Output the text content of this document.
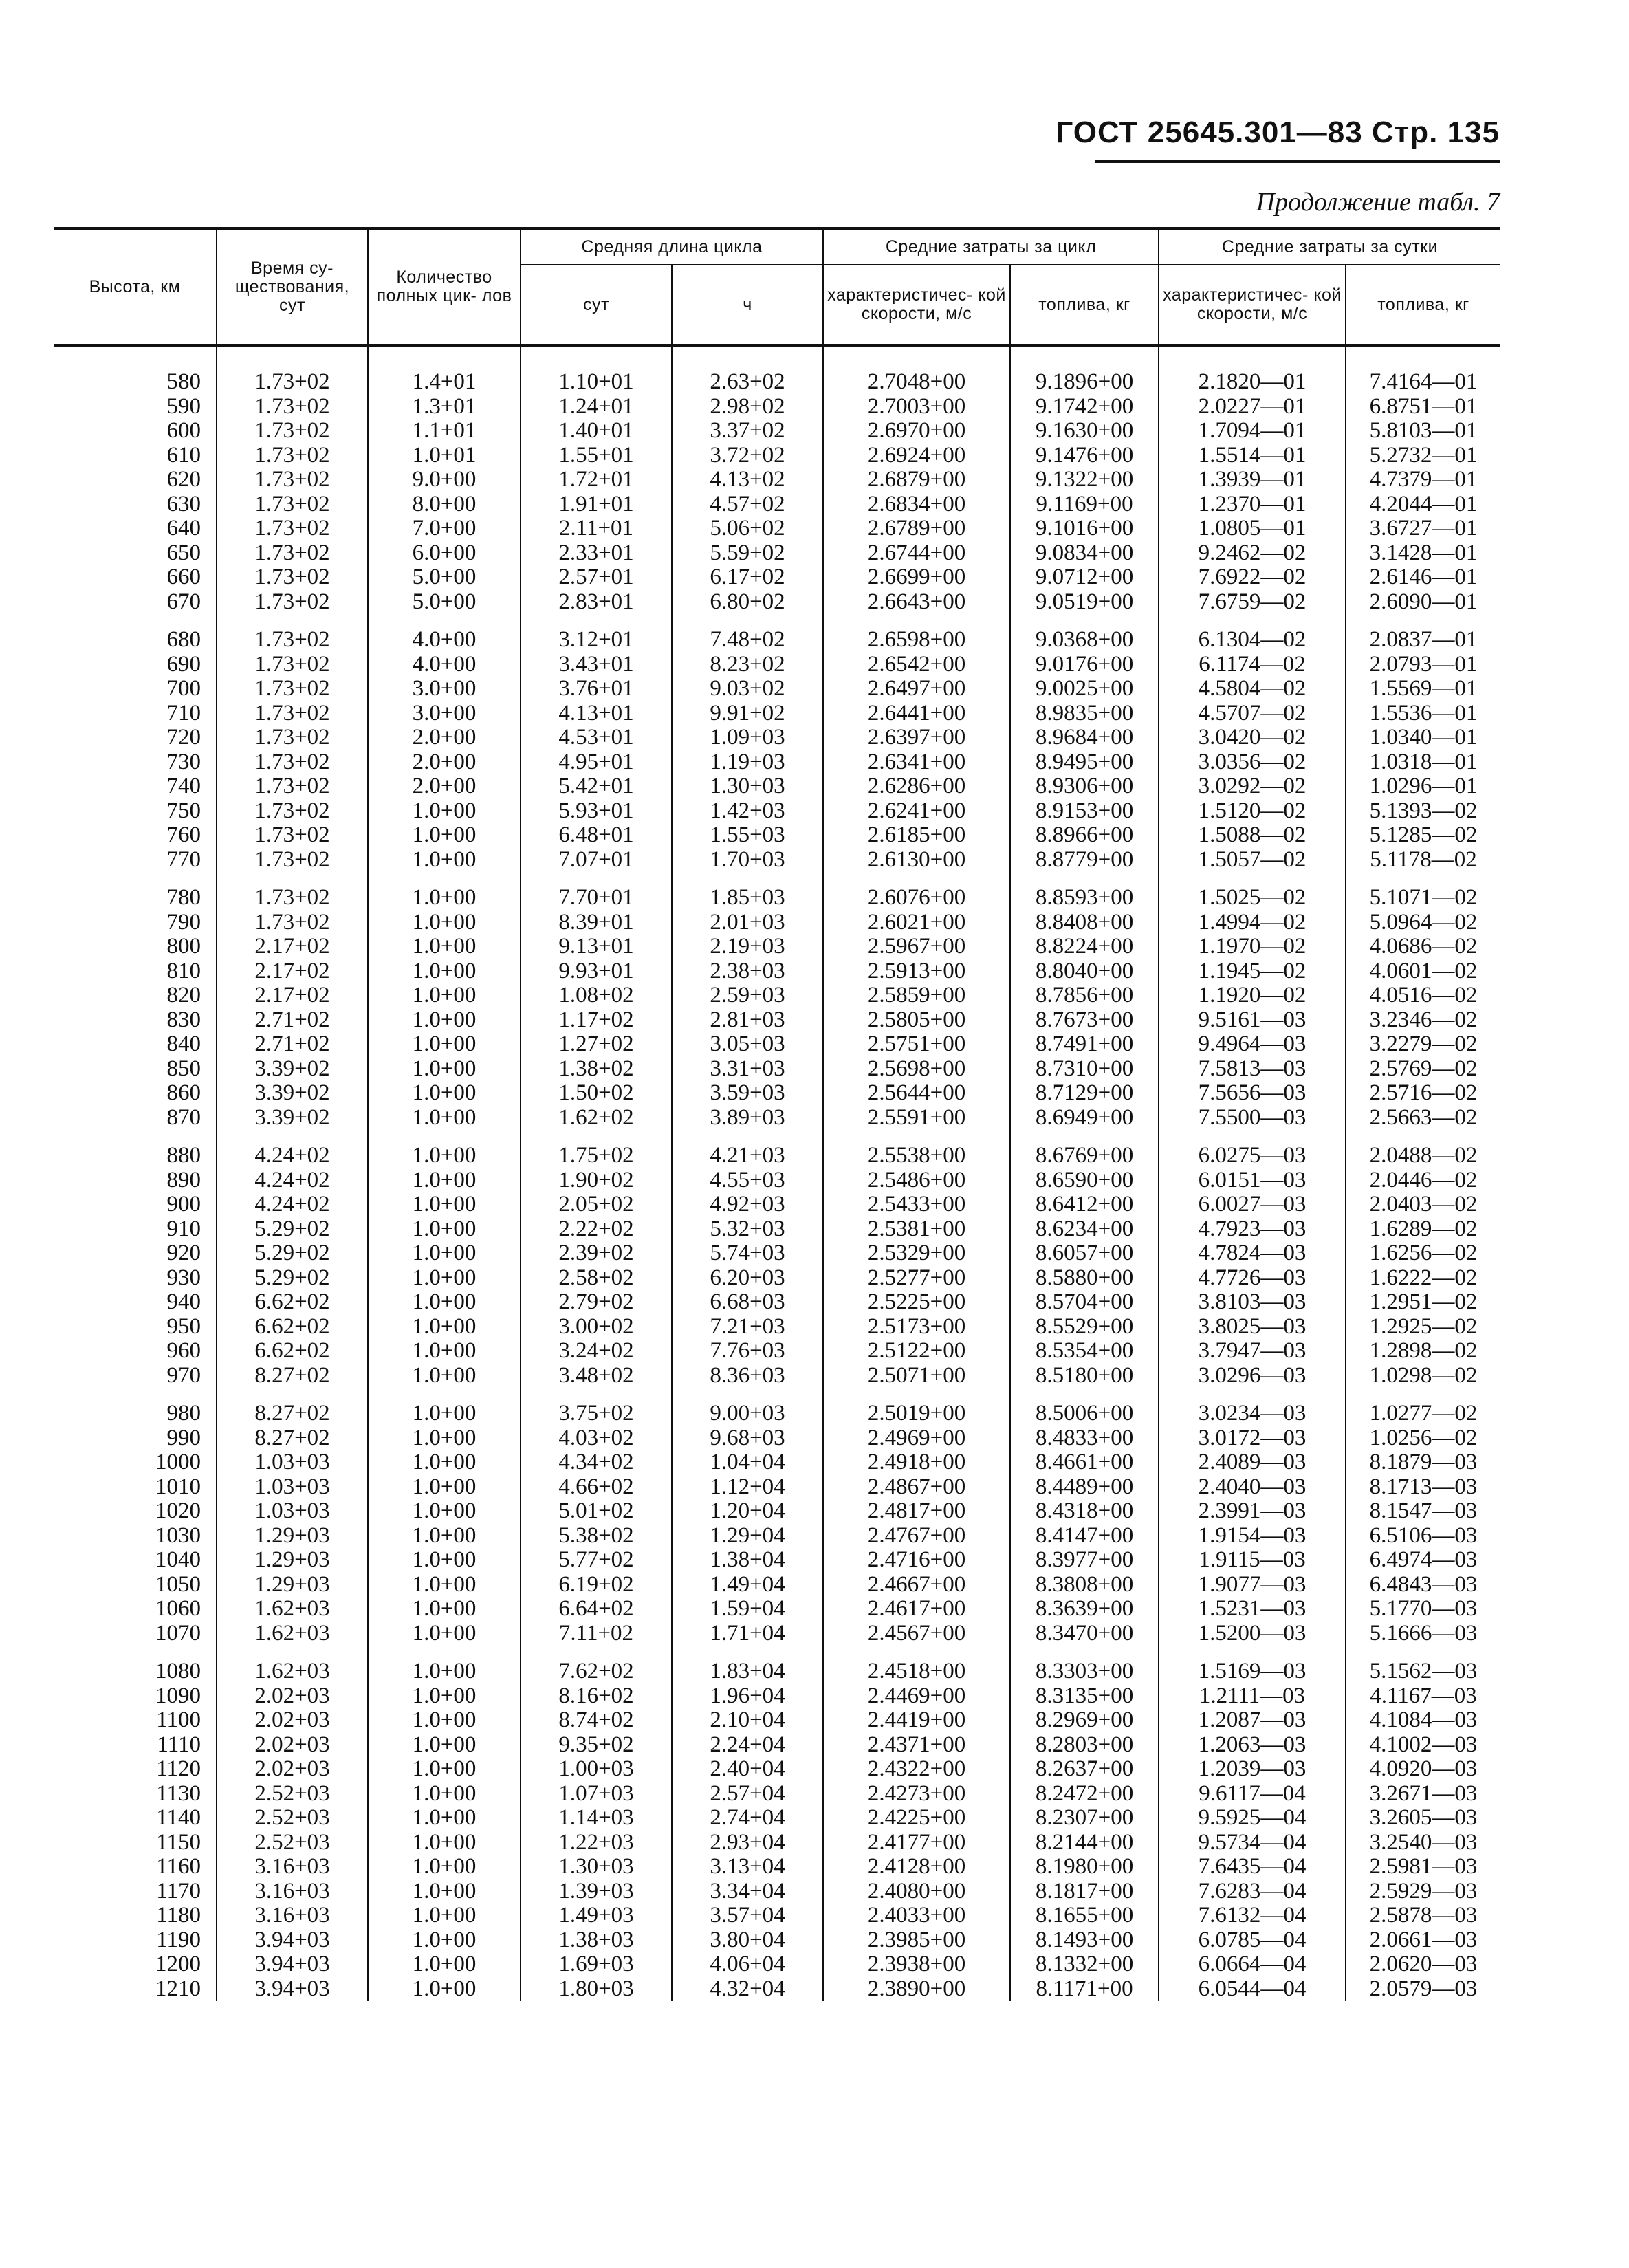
ГОСТ 25645.301—83 Стр. 135
Продолжение табл. 7
Высота, км	Время су- ществования, сут	Количество полных цик- лов	Средняя длина цикла		Средние затраты за цикл		Средние затраты за сутки	
			сут	ч	характеристичес- кой скорости, м/с	топлива, кг	характеристичес- кой скорости, м/с	топлива, кг

580	1.73+02	1.4+01	1.10+01	2.63+02	2.7048+00	9.1896+00	2.1820—01	7.4164—01
590	1.73+02	1.3+01	1.24+01	2.98+02	2.7003+00	9.1742+00	2.0227—01	6.8751—01
600	1.73+02	1.1+01	1.40+01	3.37+02	2.6970+00	9.1630+00	1.7094—01	5.8103—01
610	1.73+02	1.0+01	1.55+01	3.72+02	2.6924+00	9.1476+00	1.5514—01	5.2732—01
620	1.73+02	9.0+00	1.72+01	4.13+02	2.6879+00	9.1322+00	1.3939—01	4.7379—01
630	1.73+02	8.0+00	1.91+01	4.57+02	2.6834+00	9.1169+00	1.2370—01	4.2044—01
640	1.73+02	7.0+00	2.11+01	5.06+02	2.6789+00	9.1016+00	1.0805—01	3.6727—01
650	1.73+02	6.0+00	2.33+01	5.59+02	2.6744+00	9.0834+00	9.2462—02	3.1428—01
660	1.73+02	5.0+00	2.57+01	6.17+02	2.6699+00	9.0712+00	7.6922—02	2.6146—01
670	1.73+02	5.0+00	2.83+01	6.80+02	2.6643+00	9.0519+00	7.6759—02	2.6090—01

680	1.73+02	4.0+00	3.12+01	7.48+02	2.6598+00	9.0368+00	6.1304—02	2.0837—01
690	1.73+02	4.0+00	3.43+01	8.23+02	2.6542+00	9.0176+00	6.1174—02	2.0793—01
700	1.73+02	3.0+00	3.76+01	9.03+02	2.6497+00	9.0025+00	4.5804—02	1.5569—01
710	1.73+02	3.0+00	4.13+01	9.91+02	2.6441+00	8.9835+00	4.5707—02	1.5536—01
720	1.73+02	2.0+00	4.53+01	1.09+03	2.6397+00	8.9684+00	3.0420—02	1.0340—01
730	1.73+02	2.0+00	4.95+01	1.19+03	2.6341+00	8.9495+00	3.0356—02	1.0318—01
740	1.73+02	2.0+00	5.42+01	1.30+03	2.6286+00	8.9306+00	3.0292—02	1.0296—01
750	1.73+02	1.0+00	5.93+01	1.42+03	2.6241+00	8.9153+00	1.5120—02	5.1393—02
760	1.73+02	1.0+00	6.48+01	1.55+03	2.6185+00	8.8966+00	1.5088—02	5.1285—02
770	1.73+02	1.0+00	7.07+01	1.70+03	2.6130+00	8.8779+00	1.5057—02	5.1178—02

780	1.73+02	1.0+00	7.70+01	1.85+03	2.6076+00	8.8593+00	1.5025—02	5.1071—02
790	1.73+02	1.0+00	8.39+01	2.01+03	2.6021+00	8.8408+00	1.4994—02	5.0964—02
800	2.17+02	1.0+00	9.13+01	2.19+03	2.5967+00	8.8224+00	1.1970—02	4.0686—02
810	2.17+02	1.0+00	9.93+01	2.38+03	2.5913+00	8.8040+00	1.1945—02	4.0601—02
820	2.17+02	1.0+00	1.08+02	2.59+03	2.5859+00	8.7856+00	1.1920—02	4.0516—02
830	2.71+02	1.0+00	1.17+02	2.81+03	2.5805+00	8.7673+00	9.5161—03	3.2346—02
840	2.71+02	1.0+00	1.27+02	3.05+03	2.5751+00	8.7491+00	9.4964—03	3.2279—02
850	3.39+02	1.0+00	1.38+02	3.31+03	2.5698+00	8.7310+00	7.5813—03	2.5769—02
860	3.39+02	1.0+00	1.50+02	3.59+03	2.5644+00	8.7129+00	7.5656—03	2.5716—02
870	3.39+02	1.0+00	1.62+02	3.89+03	2.5591+00	8.6949+00	7.5500—03	2.5663—02

880	4.24+02	1.0+00	1.75+02	4.21+03	2.5538+00	8.6769+00	6.0275—03	2.0488—02
890	4.24+02	1.0+00	1.90+02	4.55+03	2.5486+00	8.6590+00	6.0151—03	2.0446—02
900	4.24+02	1.0+00	2.05+02	4.92+03	2.5433+00	8.6412+00	6.0027—03	2.0403—02
910	5.29+02	1.0+00	2.22+02	5.32+03	2.5381+00	8.6234+00	4.7923—03	1.6289—02
920	5.29+02	1.0+00	2.39+02	5.74+03	2.5329+00	8.6057+00	4.7824—03	1.6256—02
930	5.29+02	1.0+00	2.58+02	6.20+03	2.5277+00	8.5880+00	4.7726—03	1.6222—02
940	6.62+02	1.0+00	2.79+02	6.68+03	2.5225+00	8.5704+00	3.8103—03	1.2951—02
950	6.62+02	1.0+00	3.00+02	7.21+03	2.5173+00	8.5529+00	3.8025—03	1.2925—02
960	6.62+02	1.0+00	3.24+02	7.76+03	2.5122+00	8.5354+00	3.7947—03	1.2898—02
970	8.27+02	1.0+00	3.48+02	8.36+03	2.5071+00	8.5180+00	3.0296—03	1.0298—02

980	8.27+02	1.0+00	3.75+02	9.00+03	2.5019+00	8.5006+00	3.0234—03	1.0277—02
990	8.27+02	1.0+00	4.03+02	9.68+03	2.4969+00	8.4833+00	3.0172—03	1.0256—02
1000	1.03+03	1.0+00	4.34+02	1.04+04	2.4918+00	8.4661+00	2.4089—03	8.1879—03
1010	1.03+03	1.0+00	4.66+02	1.12+04	2.4867+00	8.4489+00	2.4040—03	8.1713—03
1020	1.03+03	1.0+00	5.01+02	1.20+04	2.4817+00	8.4318+00	2.3991—03	8.1547—03
1030	1.29+03	1.0+00	5.38+02	1.29+04	2.4767+00	8.4147+00	1.9154—03	6.5106—03
1040	1.29+03	1.0+00	5.77+02	1.38+04	2.4716+00	8.3977+00	1.9115—03	6.4974—03
1050	1.29+03	1.0+00	6.19+02	1.49+04	2.4667+00	8.3808+00	1.9077—03	6.4843—03
1060	1.62+03	1.0+00	6.64+02	1.59+04	2.4617+00	8.3639+00	1.5231—03	5.1770—03
1070	1.62+03	1.0+00	7.11+02	1.71+04	2.4567+00	8.3470+00	1.5200—03	5.1666—03

1080	1.62+03	1.0+00	7.62+02	1.83+04	2.4518+00	8.3303+00	1.5169—03	5.1562—03
1090	2.02+03	1.0+00	8.16+02	1.96+04	2.4469+00	8.3135+00	1.2111—03	4.1167—03
1100	2.02+03	1.0+00	8.74+02	2.10+04	2.4419+00	8.2969+00	1.2087—03	4.1084—03
1110	2.02+03	1.0+00	9.35+02	2.24+04	2.4371+00	8.2803+00	1.2063—03	4.1002—03
1120	2.02+03	1.0+00	1.00+03	2.40+04	2.4322+00	8.2637+00	1.2039—03	4.0920—03
1130	2.52+03	1.0+00	1.07+03	2.57+04	2.4273+00	8.2472+00	9.6117—04	3.2671—03
1140	2.52+03	1.0+00	1.14+03	2.74+04	2.4225+00	8.2307+00	9.5925—04	3.2605—03
1150	2.52+03	1.0+00	1.22+03	2.93+04	2.4177+00	8.2144+00	9.5734—04	3.2540—03
1160	3.16+03	1.0+00	1.30+03	3.13+04	2.4128+00	8.1980+00	7.6435—04	2.5981—03
1170	3.16+03	1.0+00	1.39+03	3.34+04	2.4080+00	8.1817+00	7.6283—04	2.5929—03
1180	3.16+03	1.0+00	1.49+03	3.57+04	2.4033+00	8.1655+00	7.6132—04	2.5878—03
1190	3.94+03	1.0+00	1.38+03	3.80+04	2.3985+00	8.1493+00	6.0785—04	2.0661—03
1200	3.94+03	1.0+00	1.69+03	4.06+04	2.3938+00	8.1332+00	6.0664—04	2.0620—03
1210	3.94+03	1.0+00	1.80+03	4.32+04	2.3890+00	8.1171+00	6.0544—04	2.0579—03
